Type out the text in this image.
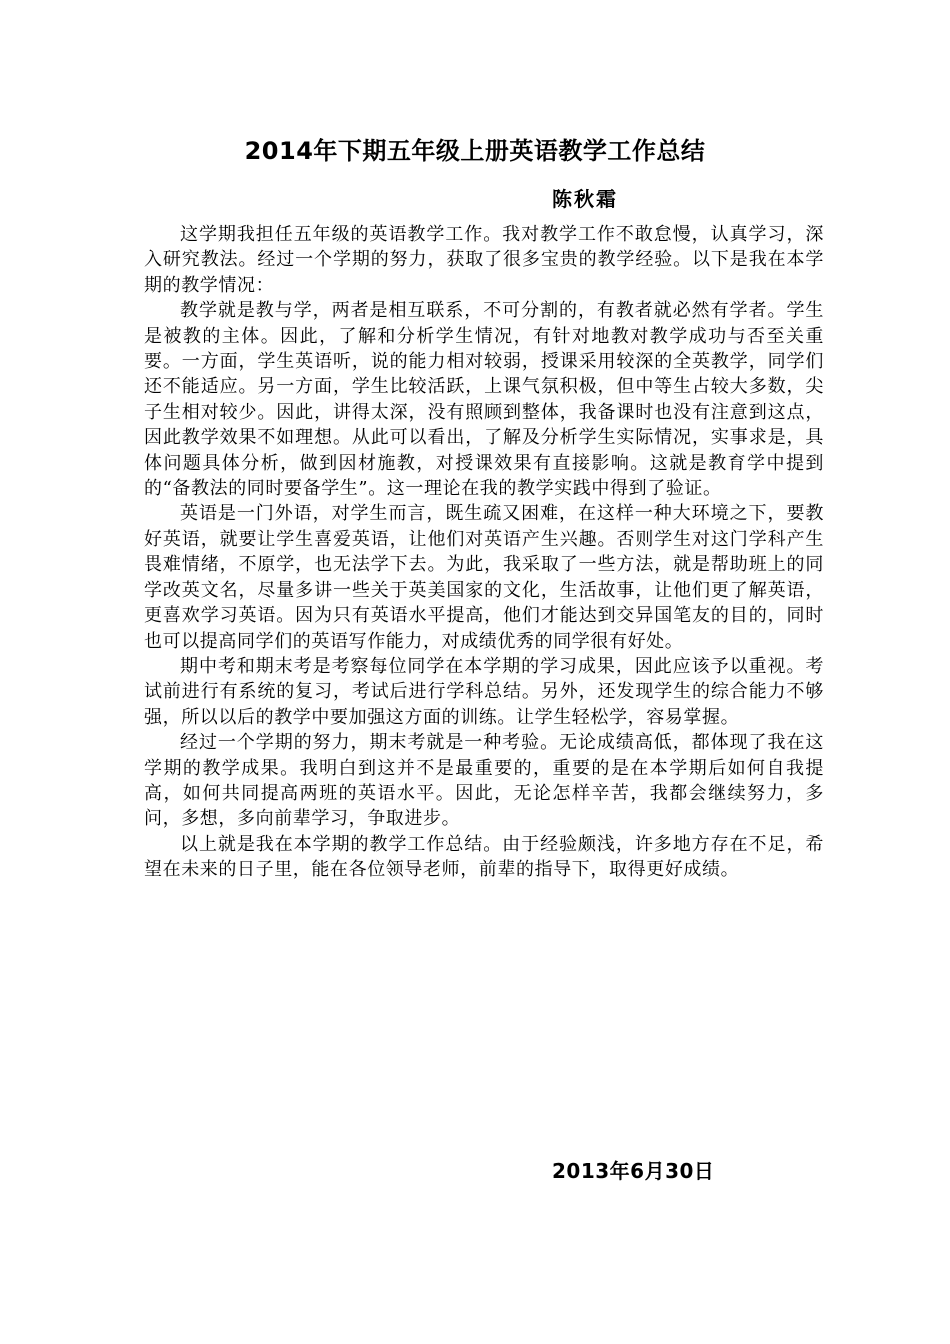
2014年下期五年级上册英语教学工作总结
陈秋霜

这学期我担任五年级的英语教学工作。我对教学工作不敢怠慢，认真学习，深入研究教法。经过一个学期的努力，获取了很多宝贵的教学经验。以下是我在本学期的教学情况：

教学就是教与学，两者是相互联系，不可分割的，有教者就必然有学者。学生是被教的主体。因此，了解和分析学生情况，有针对地教对教学成功与否至关重要。一方面，学生英语听，说的能力相对较弱，授课采用较深的全英教学，同学们还不能适应。另一方面，学生比较活跃，上课气氛积极，但中等生占较大多数，尖子生相对较少。因此，讲得太深，没有照顾到整体，我备课时也没有注意到这点，因此教学效果不如理想。从此可以看出，了解及分析学生实际情况，实事求是，具体问题具体分析，做到因材施教，对授课效果有直接影响。这就是教育学中提到的“备教法的同时要备学生”。这一理论在我的教学实践中得到了验证。

英语是一门外语，对学生而言，既生疏又困难，在这样一种大环境之下，要教好英语，就要让学生喜爱英语，让他们对英语产生兴趣。否则学生对这门学科产生畏难情绪，不原学，也无法学下去。为此，我采取了一些方法，就是帮助班上的同学改英文名，尽量多讲一些关于英美国家的文化，生活故事，让他们更了解英语，更喜欢学习英语。因为只有英语水平提高，他们才能达到交异国笔友的目的，同时也可以提高同学们的英语写作能力，对成绩优秀的同学很有好处。

期中考和期末考是考察每位同学在本学期的学习成果，因此应该予以重视。考试前进行有系统的复习，考试后进行学科总结。另外，还发现学生的综合能力不够强，所以以后的教学中要加强这方面的训练。让学生轻松学，容易掌握。

经过一个学期的努力，期末考就是一种考验。无论成绩高低，都体现了我在这学期的教学成果。我明白到这并不是最重要的，重要的是在本学期后如何自我提高，如何共同提高两班的英语水平。因此，无论怎样辛苦，我都会继续努力，多问，多想，多向前辈学习，争取进步。

以上就是我在本学期的教学工作总结。由于经验颇浅，许多地方存在不足，希望在未来的日子里，能在各位领导老师，前辈的指导下，取得更好成绩。

2013年6月30日
